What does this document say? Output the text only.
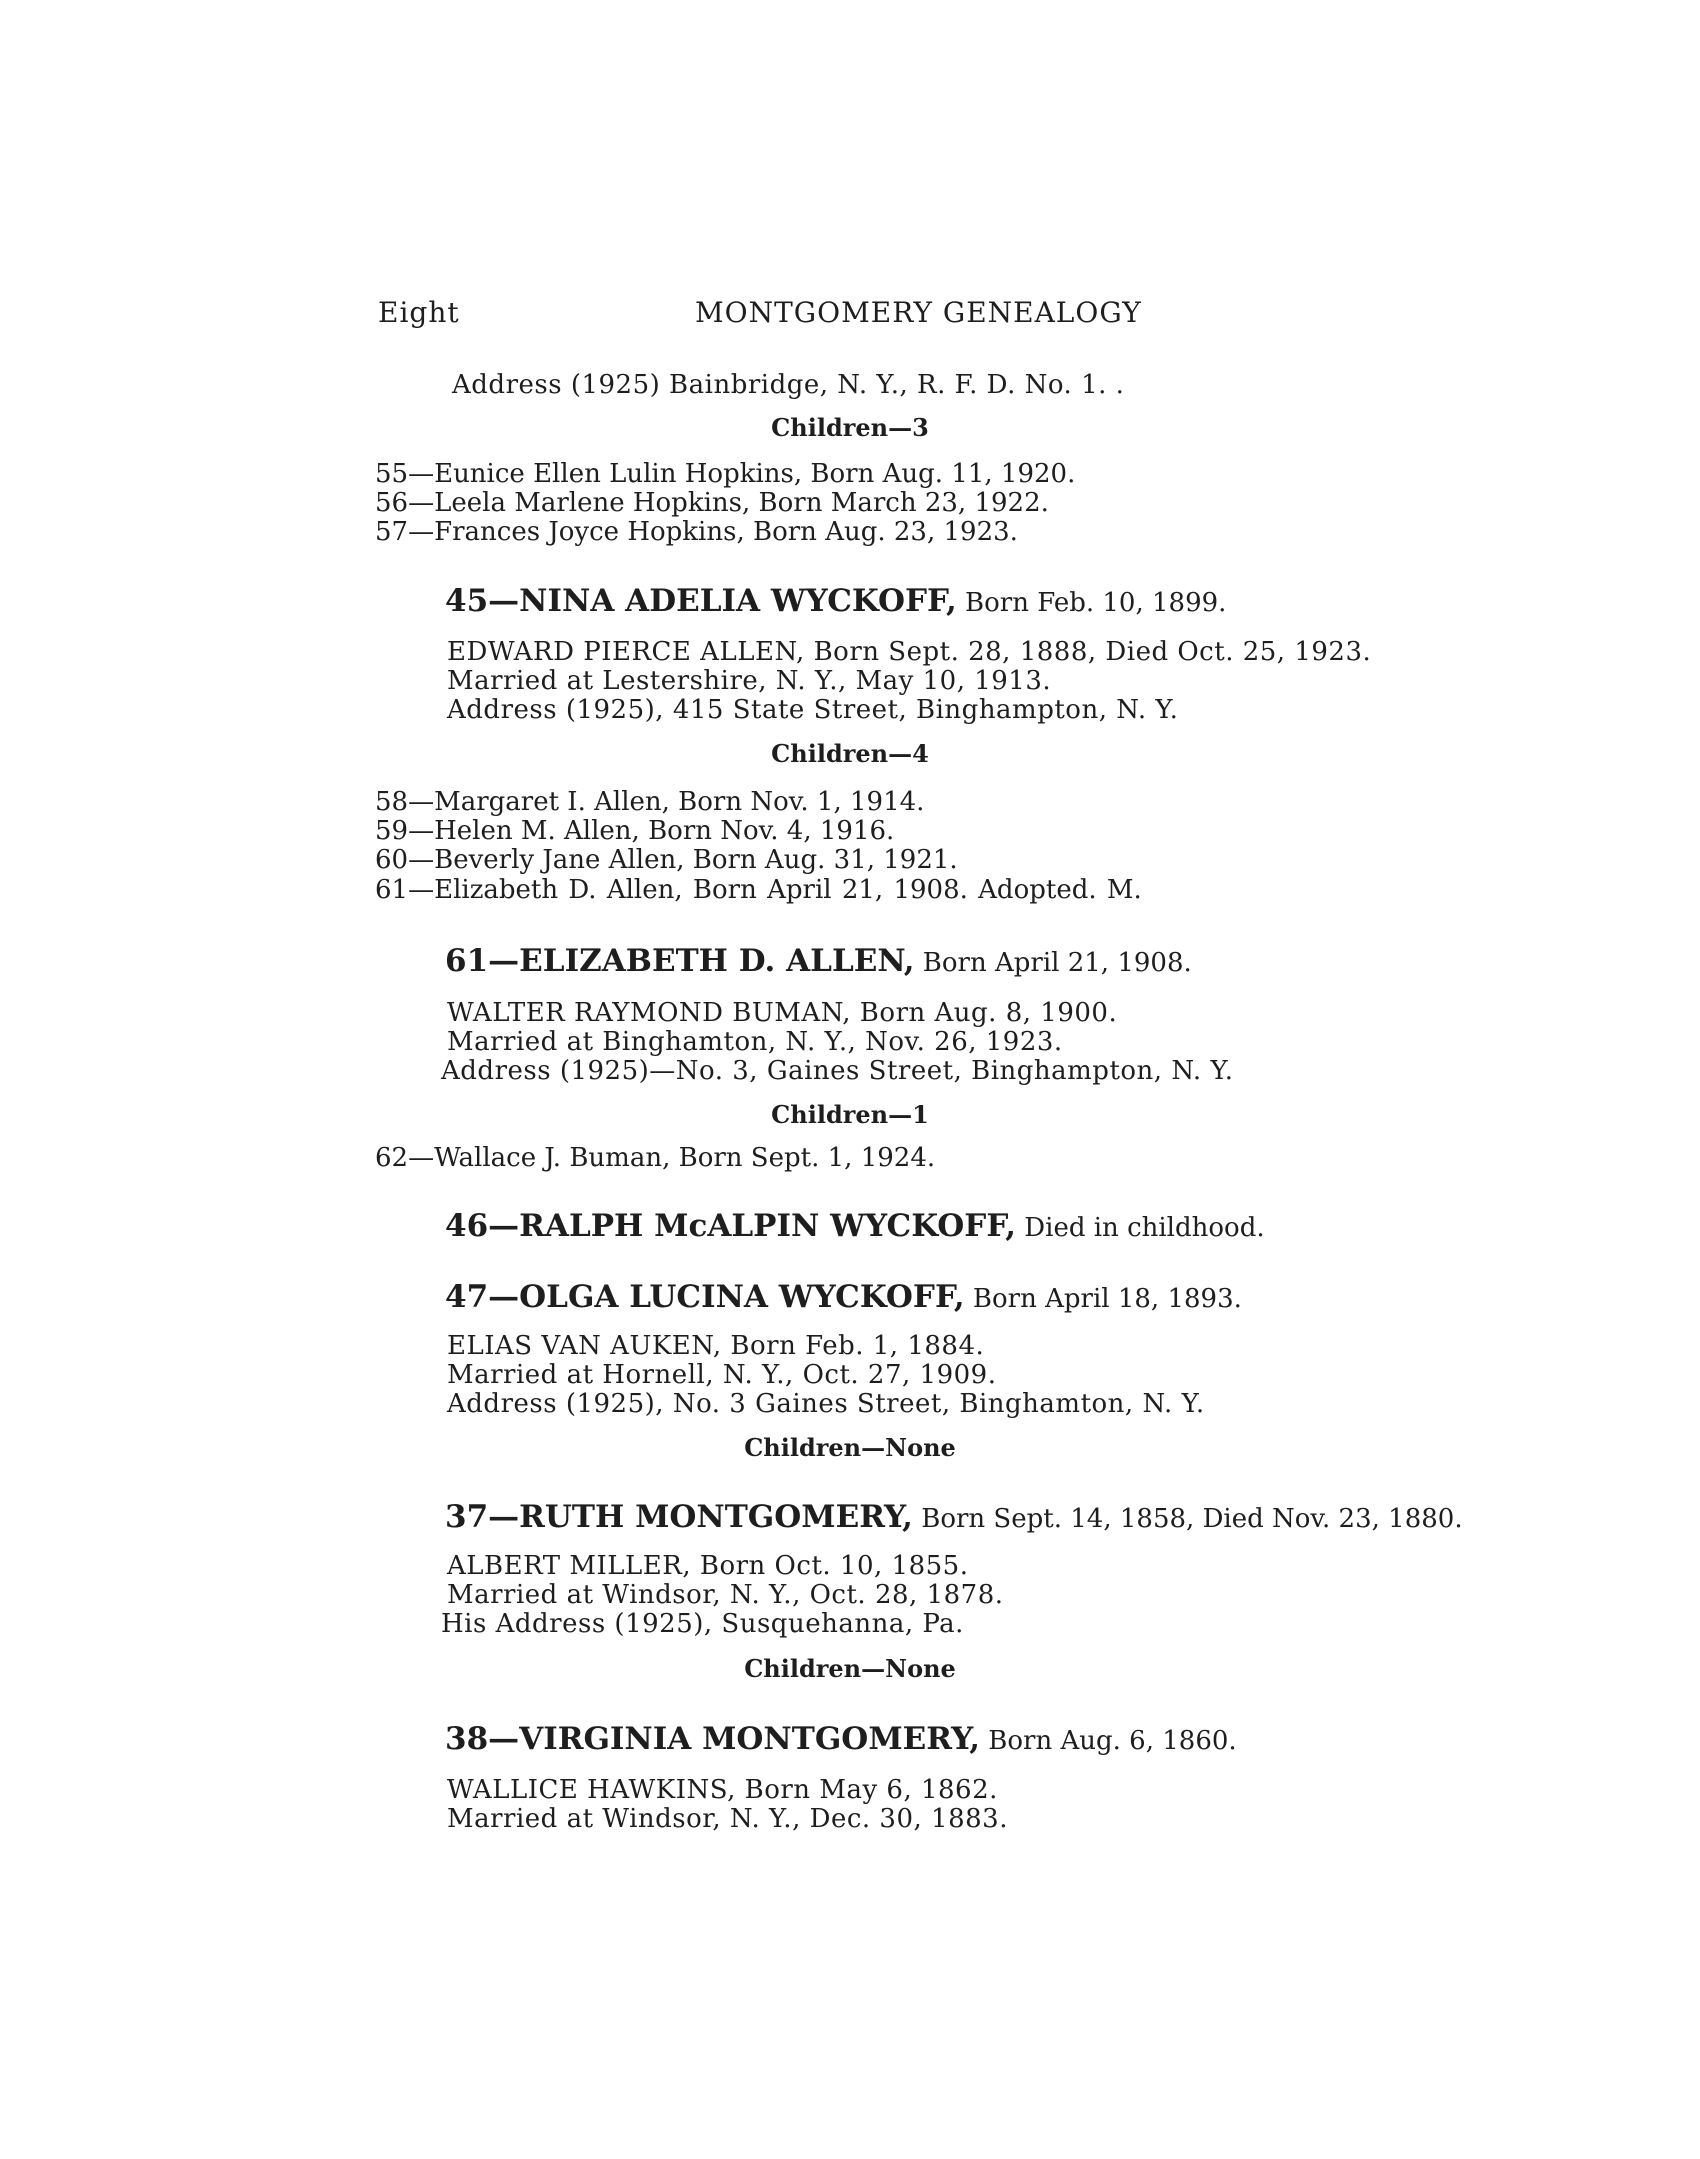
Eight	MONTGOMERY GENEALOGY
Address (1925) Bainbridge, N. Y., R. F. D. No. 1. .
Children—3
55—Eunice Ellen Lulin Hopkins, Born Aug. 11, 1920.
56—Leela Marlene Hopkins, Born March 23, 1922.
57—Frances Joyce Hopkins, Born Aug. 23, 1923.
45—NINA ADELIA WYCKOFF, Born Feb. 10, 1899.
EDWARD PIERCE ALLEN, Born Sept. 28, 1888, Died Oct. 25, 1923.
Married at Lestershire, N. Y., May 10, 1913.
Address (1925), 415 State Street, Binghampton, N. Y.
Children—4
58—Margaret I. Allen, Born Nov. 1, 1914.
59—Helen M. Allen, Born Nov. 4, 1916.
60—Beverly Jane Allen, Born Aug. 31, 1921.
61—Elizabeth D. Allen, Born April 21, 1908. Adopted. M.
61—ELIZABETH D. ALLEN, Born April 21, 1908.
WALTER RAYMOND BUMAN, Born Aug. 8, 1900.
Married at Binghamton, N. Y., Nov. 26, 1923.
Address (1925)—No. 3, Gaines Street, Binghampton, N. Y.
Children—1
62—Wallace J. Buman, Born Sept. 1, 1924.
46—RALPH McALPIN WYCKOFF, Died in childhood.
47—OLGA LUCINA WYCKOFF, Born April 18, 1893.
ELIAS VAN AUKEN, Born Feb. 1, 1884.
Married at Hornell, N. Y., Oct. 27, 1909.
Address (1925), No. 3 Gaines Street, Binghamton, N. Y.
Children—None
37—RUTH MONTGOMERY, Born Sept. 14, 1858, Died Nov. 23, 1880.
ALBERT MILLER, Born Oct. 10, 1855.
Married at Windsor, N. Y., Oct. 28, 1878.
His Address (1925), Susquehanna, Pa.
Children—None
38—VIRGINIA MONTGOMERY, Born Aug. 6, 1860.
WALLICE HAWKINS, Born May 6, 1862.
Married at Windsor, N. Y., Dec. 30, 1883.
